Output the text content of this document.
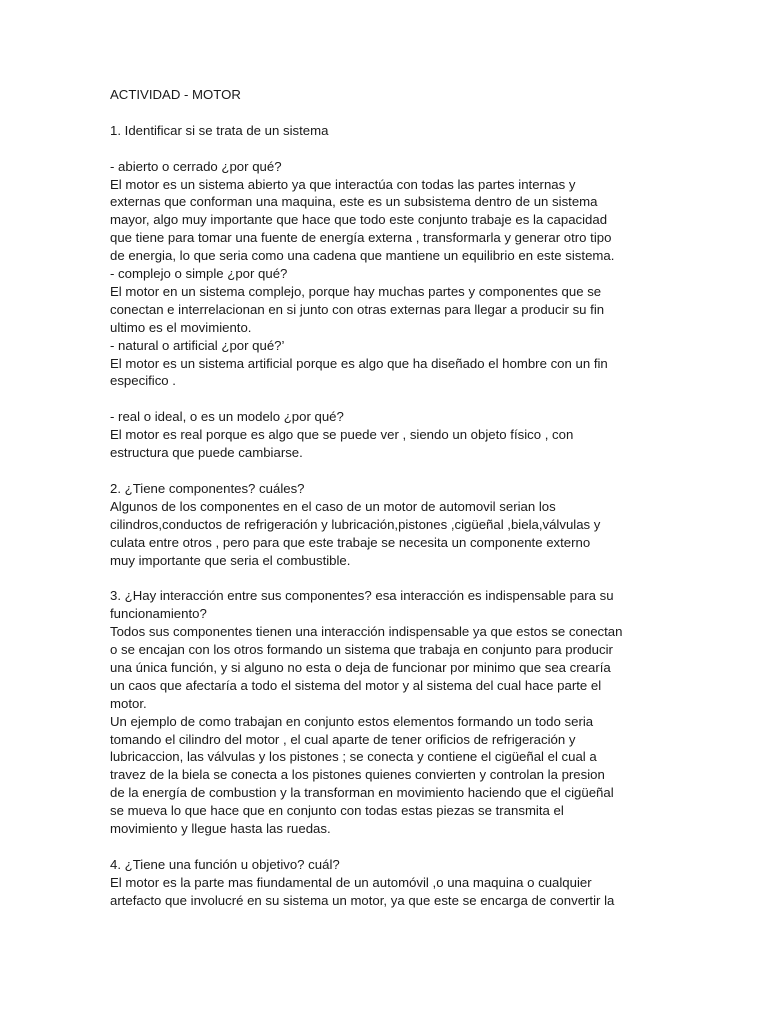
ACTIVIDAD - MOTOR

1. Identificar si se trata de un sistema

- abierto o cerrado ¿por qué?

El motor es un sistema abierto ya que interactúa con todas las partes internas y

externas que conforman una maquina, este es un subsistema dentro de un sistema

mayor, algo muy importante que hace que todo este conjunto trabaje es la capacidad

que tiene para tomar una fuente de energía externa , transformarla y generar otro tipo

de energia, lo que seria como una cadena que mantiene un equilibrio en este sistema.

- complejo o simple ¿por qué?

El motor en un sistema complejo, porque hay muchas partes y componentes que se

conectan e interrelacionan en si junto con otras externas para llegar a producir su fin

ultimo es el movimiento.

- natural o artificial ¿por qué?’

El motor es un sistema artificial porque es algo que ha diseñado el hombre con un fin

especifico .

- real o ideal, o es un modelo ¿por qué?

El motor es real porque es algo que se puede ver , siendo un objeto físico , con

estructura que puede cambiarse.

2. ¿Tiene componentes? cuáles?

Algunos de los componentes en el caso de un motor de automovil serian los

cilindros,conductos de refrigeración y lubricación,pistones ,cigüeñal ,biela,válvulas y

culata entre otros , pero para que este trabaje se necesita un componente externo

muy importante que seria el combustible.

3. ¿Hay interacción entre sus componentes? esa interacción es indispensable para su

funcionamiento?

Todos sus componentes tienen una interacción indispensable ya que estos se conectan

o se encajan con los otros formando un sistema que trabaja en conjunto para producir

una única función, y si alguno no esta o deja de funcionar por minimo que sea crearía

un caos que afectaría a todo el sistema del motor y al sistema del cual hace parte el

motor.

Un ejemplo de como trabajan en conjunto estos elementos formando un todo seria

tomando el cilindro del motor , el cual aparte de tener orificios de refrigeración y

lubricaccion, las válvulas y los pistones ; se conecta y contiene el cigüeñal el cual a

travez de la biela se conecta a los pistones quienes convierten y controlan la presion

de la energía de combustion y la transforman en movimiento haciendo que el cigüeñal

se mueva lo que hace que en conjunto con todas estas piezas se transmita el

movimiento y llegue hasta las ruedas.

4. ¿Tiene una función u objetivo? cuál?

El motor es la parte mas fiundamental de un automóvil ,o una maquina o cualquier

artefacto que involucré en su sistema un motor, ya que este se encarga de convertir la
